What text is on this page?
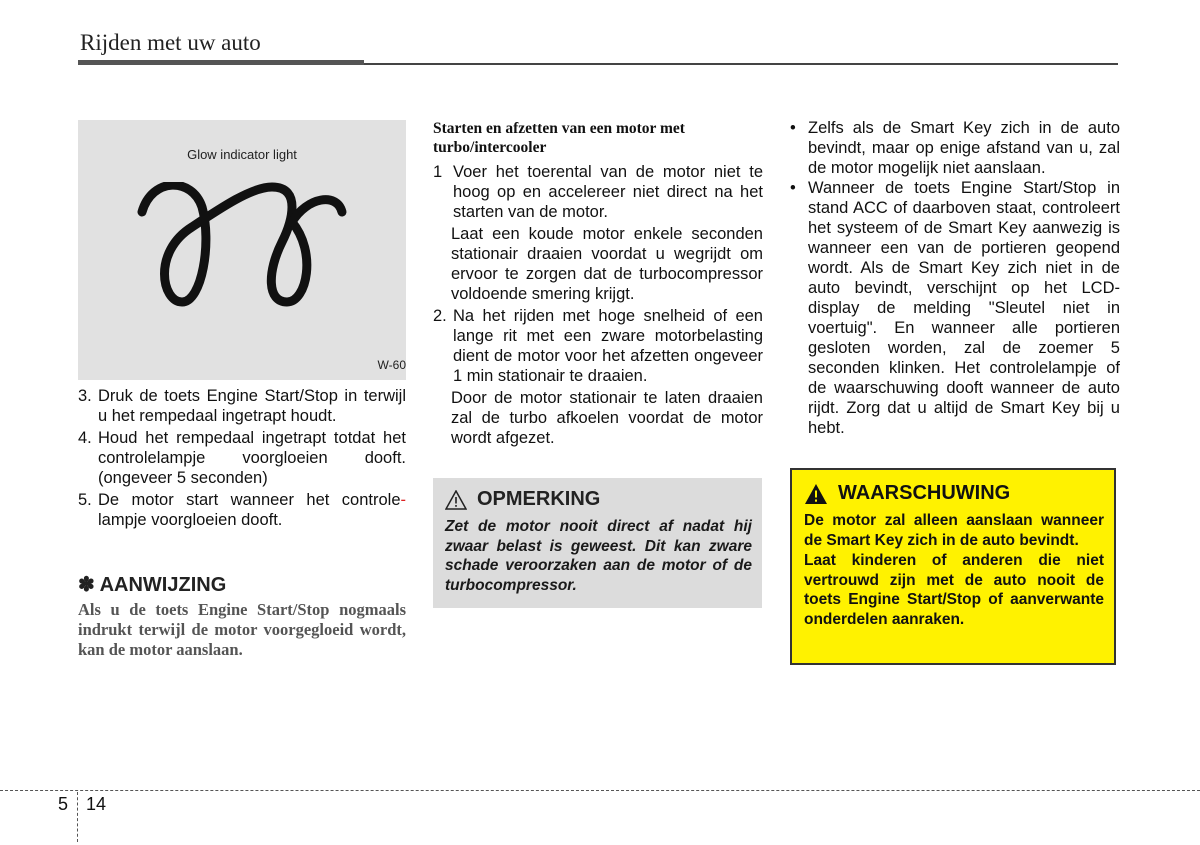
Rijden met uw auto
Glow indicator light
W-60
3. Druk de toets Engine Start/Stop in terwijl u het rempedaal ingetrapt houdt.
4. Houd het rempedaal ingetrapt totdat het controlelampje voorgloeien dooft. (ongeveer 5 seconden)
5. De motor start wanneer het controle- lampje voorgloeien dooft.
✽ AANWIJZING
Als u de toets Engine Start/Stop nogmaals indrukt terwijl de motor voorgegloeid wordt, kan de motor aanslaan.
Starten en afzetten van een motor met turbo/intercooler
1 Voer het toerental van de motor niet te hoog op en accelereer niet direct na het starten van de motor.
Laat een koude motor enkele seconden stationair draaien voordat u wegrijdt om ervoor te zorgen dat de turbocompressor voldoende smering krijgt.
2. Na het rijden met hoge snelheid of een lange rit met een zware motorbelasting dient de motor voor het afzetten ongeveer 1 min stationair te draaien.
Door de motor stationair te laten draaien zal de turbo afkoelen voordat de motor wordt afgezet.
OPMERKING
Zet de motor nooit direct af nadat hij zwaar belast is geweest. Dit kan zware schade veroorzaken aan de motor of de turbocompressor.
• Zelfs als de Smart Key zich in de auto bevindt, maar op enige afstand van u, zal de motor mogelijk niet aanslaan.
• Wanneer de toets Engine Start/Stop in stand ACC of daarboven staat, controleert het systeem of de Smart Key aanwezig is wanneer een van de portieren geopend wordt. Als de Smart Key zich niet in de auto bevindt, verschijnt op het LCD-display de melding "Sleutel niet in voertuig". En wanneer alle portieren gesloten worden, zal de zoemer 5 seconden klinken. Het controlelampje of de waarschuwing dooft wanneer de auto rijdt. Zorg dat u altijd de Smart Key bij u hebt.
WAARSCHUWING

De motor zal alleen aanslaan wanneer de Smart Key zich in de auto bevindt.

Laat kinderen of anderen die niet vertrouwd zijn met de auto nooit de toets Engine Start/Stop of aanverwante onderdelen aanraken.

5 14
